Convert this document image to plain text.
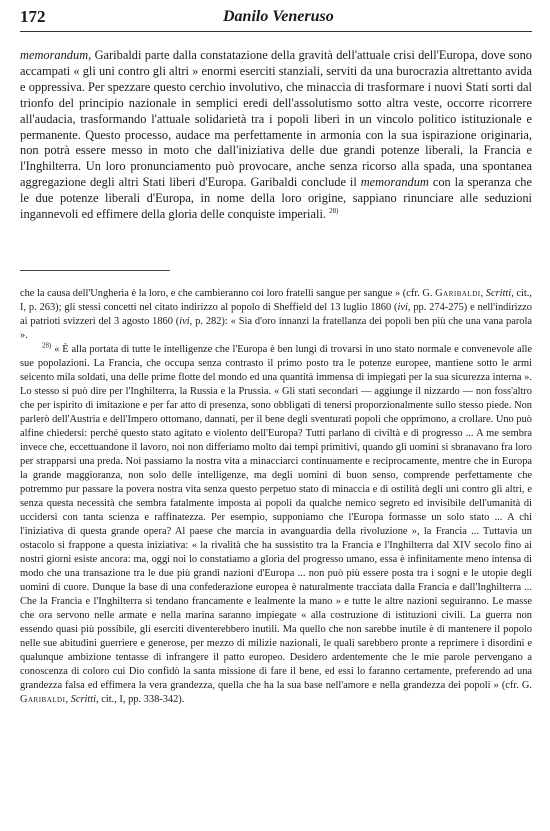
172	Danilo Veneruso

memorandum, Garibaldi parte dalla constatazione della gravità dell'attuale crisi dell'Europa, dove sono accampati « gli uni contro gli altri » enormi eserciti stanziali, serviti da una burocrazia altrettanto avida e oppressiva. Per spezzare questo cerchio involutivo, che minaccia di trasformare i nuovi Stati sorti dal trionfo del principio nazionale in semplici eredi dell'assolutismo sotto altra veste, occorre ricorrere all'audacia, trasformando l'attuale solidarietà tra i popoli liberi in un vincolo politico istituzionale e permanente. Questo processo, audace ma perfettamente in armonia con la sua ispirazione originaria, non potrà essere messo in moto che dall'iniziativa delle due grandi potenze liberali, la Francia e l'Inghilterra. Un loro pronunciamento può provocare, anche senza ricorso alla spada, una spontanea aggregazione degli altri Stati liberi d'Europa. Garibaldi conclude il memorandum con la speranza che le due potenze liberali d'Europa, in nome della loro origine, sappiano rinunciare alle seduzioni ingannevoli ed effimere della gloria delle conquiste imperiali. $^{28)}$

che la causa dell'Ungheria è la loro, e che cambieranno coi loro fratelli sangue per sangue » (cfr. G. Garibaldi, Scritti, cit., I, p. 263); gli stessi concetti nel citato indirizzo al popolo di Sheffield del 13 luglio 1860 (ivi, pp. 274-275) e nell'indirizzo ai patrioti svizzeri del 3 agosto 1860 (ivi, p. 282): « Sia d'oro innanzi la fratellanza dei popoli ben più che una vana parola ».

$^{28)}$ « È alla portata di tutte le intelligenze che l'Europa è ben lungi di trovarsi in uno stato normale e convenevole alle sue popolazioni. La Francia, che occupa senza contrasto il primo posto tra le potenze europee, mantiene sotto le armi seicento mila soldati, una delle prime flotte del mondo ed una quantità immensa di impiegati per la sua sicurezza interna ». Lo stesso si può dire per l'Inghilterra, la Russia e la Prussia. « Gli stati secondari — aggiunge il nizzardo — non foss'altro che per ispirito di imitazione e per far atto di presenza, sono obbligati di tenersi proporzionalmente sullo stesso piede. Non parlerò dell'Austria e dell'Impero ottomano, dannati, per il bene degli sventurati popoli che opprimono, a crollare. Uno può alfine chiedersi: perché questo stato agitato e violento dell'Europa? Tutti parlano di civiltà e di progresso ... A me sembra invece che, eccettuandone il lavoro, noi non differiamo molto dai tempi primitivi, quando gli uomini si sbranavano fra loro per strapparsi una preda. Noi passiamo la nostra vita a minacciarci continuamente e reciprocamente, mentre che in Europa la grande maggioranza, non solo delle intelligenze, ma degli uomini di buon senso, comprende perfettamente che potremmo pur passare la povera nostra vita senza questo perpetuo stato di minaccia e di ostilità degli uni contro gli altri, e senza questa necessità che sembra fatalmente imposta ai popoli da qualche nemico segreto ed invisibile dell'umanità di uccidersi con tanta scienza e raffinatezza. Per esempio, supponiamo che l'Europa formasse un solo stato ... A chi l'iniziativa di questa grande opera? Al paese che marcia in avanguardia della rivoluzione », la Francia ... Tuttavia un ostacolo si frappone a questa iniziativa: « la rivalità che ha sussistito tra la Francia e l'Inghilterra dal XIV secolo fino ai nostri giorni esiste ancora: ma, oggi noi lo constatiamo a gloria del progresso umano, essa è infinitamente meno intensa di modo che una transazione tra le due più grandi nazioni d'Europa ... non può più essere posta tra i sogni e le utopie degli uomini di cuore. Dunque la base di una confederazione europea è naturalmente tracciata dalla Francia e dall'Inghilterra ... Che la Francia e l'Inghilterra si tendano francamente e lealmente la mano » e tutte le altre nazioni seguiranno. Le masse che ora servono nelle armate e nella marina saranno impiegate « alla costruzione di istituzioni civili. La guerra non essendo quasi più possibile, gli eserciti diventerebbero inutili. Ma quello che non sarebbe inutile è di mantenere il popolo nelle sue abitudini guerriere e generose, per mezzo di milizie nazionali, le quali sarebbero pronte a reprimere i disordini e qualunque ambizione tentasse di infrangere il patto europeo. Desidero ardentemente che le mie parole pervengano a conoscenza di coloro cui Dio confidò la santa missione di fare il bene, ed essi lo faranno certamente, preferendo ad una grandezza falsa ed effimera la vera grandezza, quella che ha la sua base nell'amore e nella grandezza dei popoli » (cfr. G. Garibaldi, Scritti, cit., I, pp. 338-342).
